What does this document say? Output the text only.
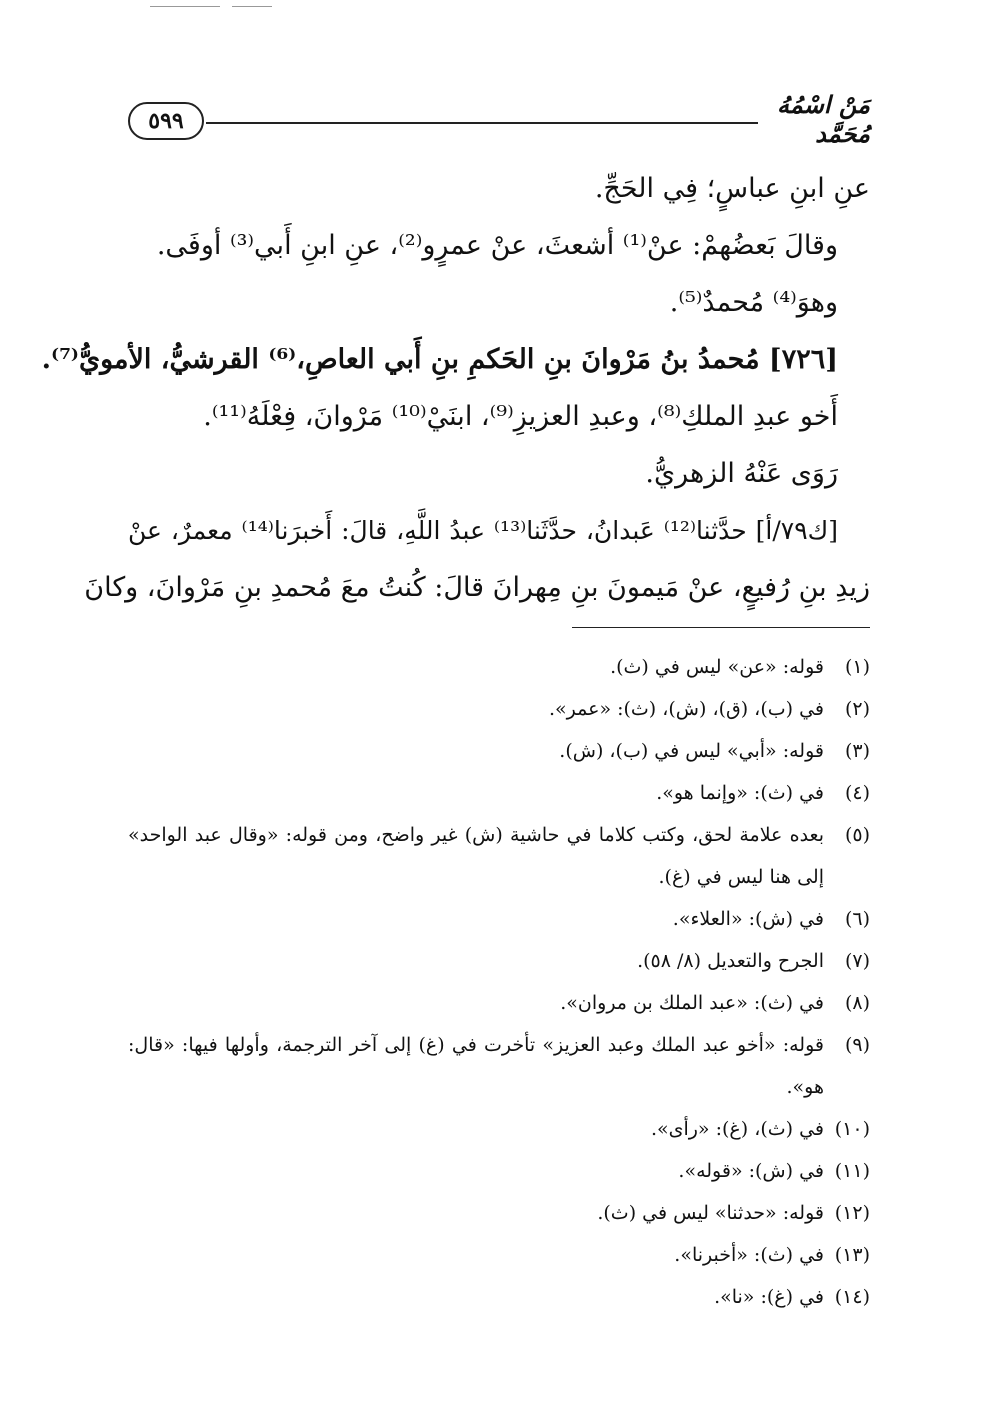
٥٩٩
مَنْ اسْمُهُ مُحَمَّد
عنِ ابنِ عباسٍ؛ فِي الحَجِّ.
وقالَ بَعضُهمْ: عنْ⁽¹⁾ أشعثَ، عنْ عمرٍو⁽²⁾، عنِ ابنِ أَبي⁽³⁾ أوفَى.
وهوَ⁽⁴⁾ مُحمدٌ⁽⁵⁾.
[٧٢٦] مُحمدُ بنُ مَرْوانَ بنِ الحَكمِ بنِ أَبي العاصِ،⁽⁶⁾ القرشيُّ، الأمويُّ⁽⁷⁾.
أَخو عبدِ الملكِ⁽⁸⁾، وعبدِ العزيزِ⁽⁹⁾، ابنَيْ⁽¹⁰⁾ مَرْوانَ، فِعْلَهُ⁽¹¹⁾.
رَوَى عَنْهُ الزهريُّ.
[ك٧٩/أ] حدَّثنا⁽¹²⁾ عَبدانُ، حدَّثَنا⁽¹³⁾ عبدُ اللَّهِ، قالَ: أَخبرَنا⁽¹⁴⁾ معمرٌ، عنْ
زيدِ بنِ رُفيعٍ، عنْ مَيمونَ بنِ مِهرانَ قالَ: كُنتُ معَ مُحمدِ بنِ مَرْوانَ، وكانَ
(١)
قوله: «عن» ليس في (ث).
(٢)
في (ب)، (ق)، (ش)، (ث): «عمر».
(٣)
قوله: «أبي» ليس في (ب)، (ش).
(٤)
في (ث): «وإنما هو».
(٥)
بعده علامة لحق، وكتب كلاما في حاشية (ش) غير واضح، ومن قوله: «وقال عبد الواحد» إلى هنا ليس في (غ).
(٦)
في (ش): «العلاء».
(٧)
الجرح والتعديل (٨/ ٥٨).
(٨)
في (ث): «عبد الملك بن مروان».
(٩)
قوله: «أخو عبد الملك وعبد العزيز» تأخرت في (غ) إلى آخر الترجمة، وأولها فيها: «قال: هو».
(١٠)
في (ث)، (غ): «رأى».
(١١)
في (ش): «قوله».
(١٢)
قوله: «حدثنا» ليس في (ث).
(١٣)
في (ث): «أخبرنا».
(١٤)
في (غ): «نا».
